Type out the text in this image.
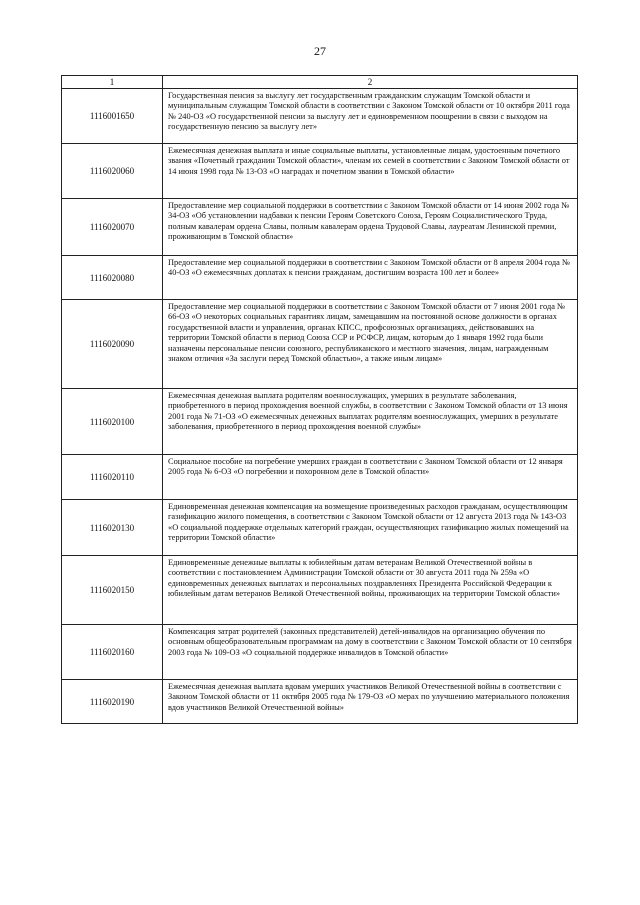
27
1	2
1116001650	Государственная пенсия за выслугу лет государственным гражданским служащим Томской области и муниципальным служащим Томской области в соответствии с Законом Томской области от 10 октября 2011 года № 240-ОЗ «О государственной пенсии за выслугу лет и единовременном поощрении в связи с выходом на государственную пенсию за выслугу лет»
1116020060	Ежемесячная денежная выплата и иные социальные выплаты, установленные лицам, удостоенным почетного звания «Почетный гражданин Томской области», членам их семей в соответствии с Законом Томской области от 14 июня 1998 года № 13-ОЗ «О наградах и почетном звании в Томской области»
1116020070	Предоставление мер социальной поддержки в соответствии с Законом Томской области от 14 июня 2002 года № 34-ОЗ «Об установлении надбавки к пенсии Героям Советского Союза, Героям Социалистического Труда, полным кавалерам ордена Славы, полным кавалерам ордена Трудовой Славы, лауреатам Ленинской премии, проживающим в Томской области»
1116020080	Предоставление мер социальной поддержки в соответствии с Законом Томской области от 8 апреля 2004 года № 40-ОЗ «О ежемесячных доплатах к пенсии гражданам, достигшим возраста 100 лет и более»
1116020090	Предоставление мер социальной поддержки в соответствии с Законом Томской области от 7 июня 2001 года № 66-ОЗ «О некоторых социальных гарантиях лицам, замещавшим на постоянной основе должности в органах государственной власти и управления, органах КПСС, профсоюзных организациях, действовавших на территории Томской области в период Союза ССР и РСФСР, лицам, которым до 1 января 1992 года были назначены персональные пенсии союзного, республиканского и местного значения, лицам, награжденным знаком отличия «За заслуги перед Томской областью», а также иным лицам»
1116020100	Ежемесячная денежная выплата родителям военнослужащих, умерших в результате заболевания, приобретенного в период прохождения военной службы, в соответствии с Законом Томской области от 13 июня 2001 года № 71-ОЗ «О ежемесячных денежных выплатах родителям военнослужащих, умерших в результате заболевания, приобретенного в период прохождения военной службы»
1116020110	Социальное пособие на погребение умерших граждан в соответствии с Законом Томской области от 12 января 2005 года № 6-ОЗ «О погребении и похоронном деле в Томской области»
1116020130	Единовременная денежная компенсация на возмещение произведенных расходов гражданам, осуществляющим газификацию жилого помещения, в соответствии с Законом Томской области от 12 августа 2013 года № 143-ОЗ «О социальной поддержке отдельных категорий граждан, осуществляющих газификацию жилых помещений на территории Томской области»
1116020150	Единовременные денежные выплаты к юбилейным датам ветеранам Великой Отечественной войны в соответствии с постановлением Администрации Томской области от 30 августа 2011 года № 259а «О единовременных денежных выплатах и персональных поздравлениях Президента Российской Федерации к юбилейным датам ветеранов Великой Отечественной войны, проживающих на территории Томской области»
1116020160	Компенсация затрат родителей (законных представителей) детей-инвалидов на организацию обучения по основным общеобразовательным программам на дому в соответствии с Законом Томской области от 10 сентября 2003 года № 109-ОЗ «О социальной поддержке инвалидов в Томской области»
1116020190	Ежемесячная денежная выплата вдовам умерших участников Великой Отечественной войны в соответствии с Законом Томской области от 11 октября 2005 года № 179-ОЗ «О мерах по улучшению материального положения вдов участников Великой Отечественной войны»
